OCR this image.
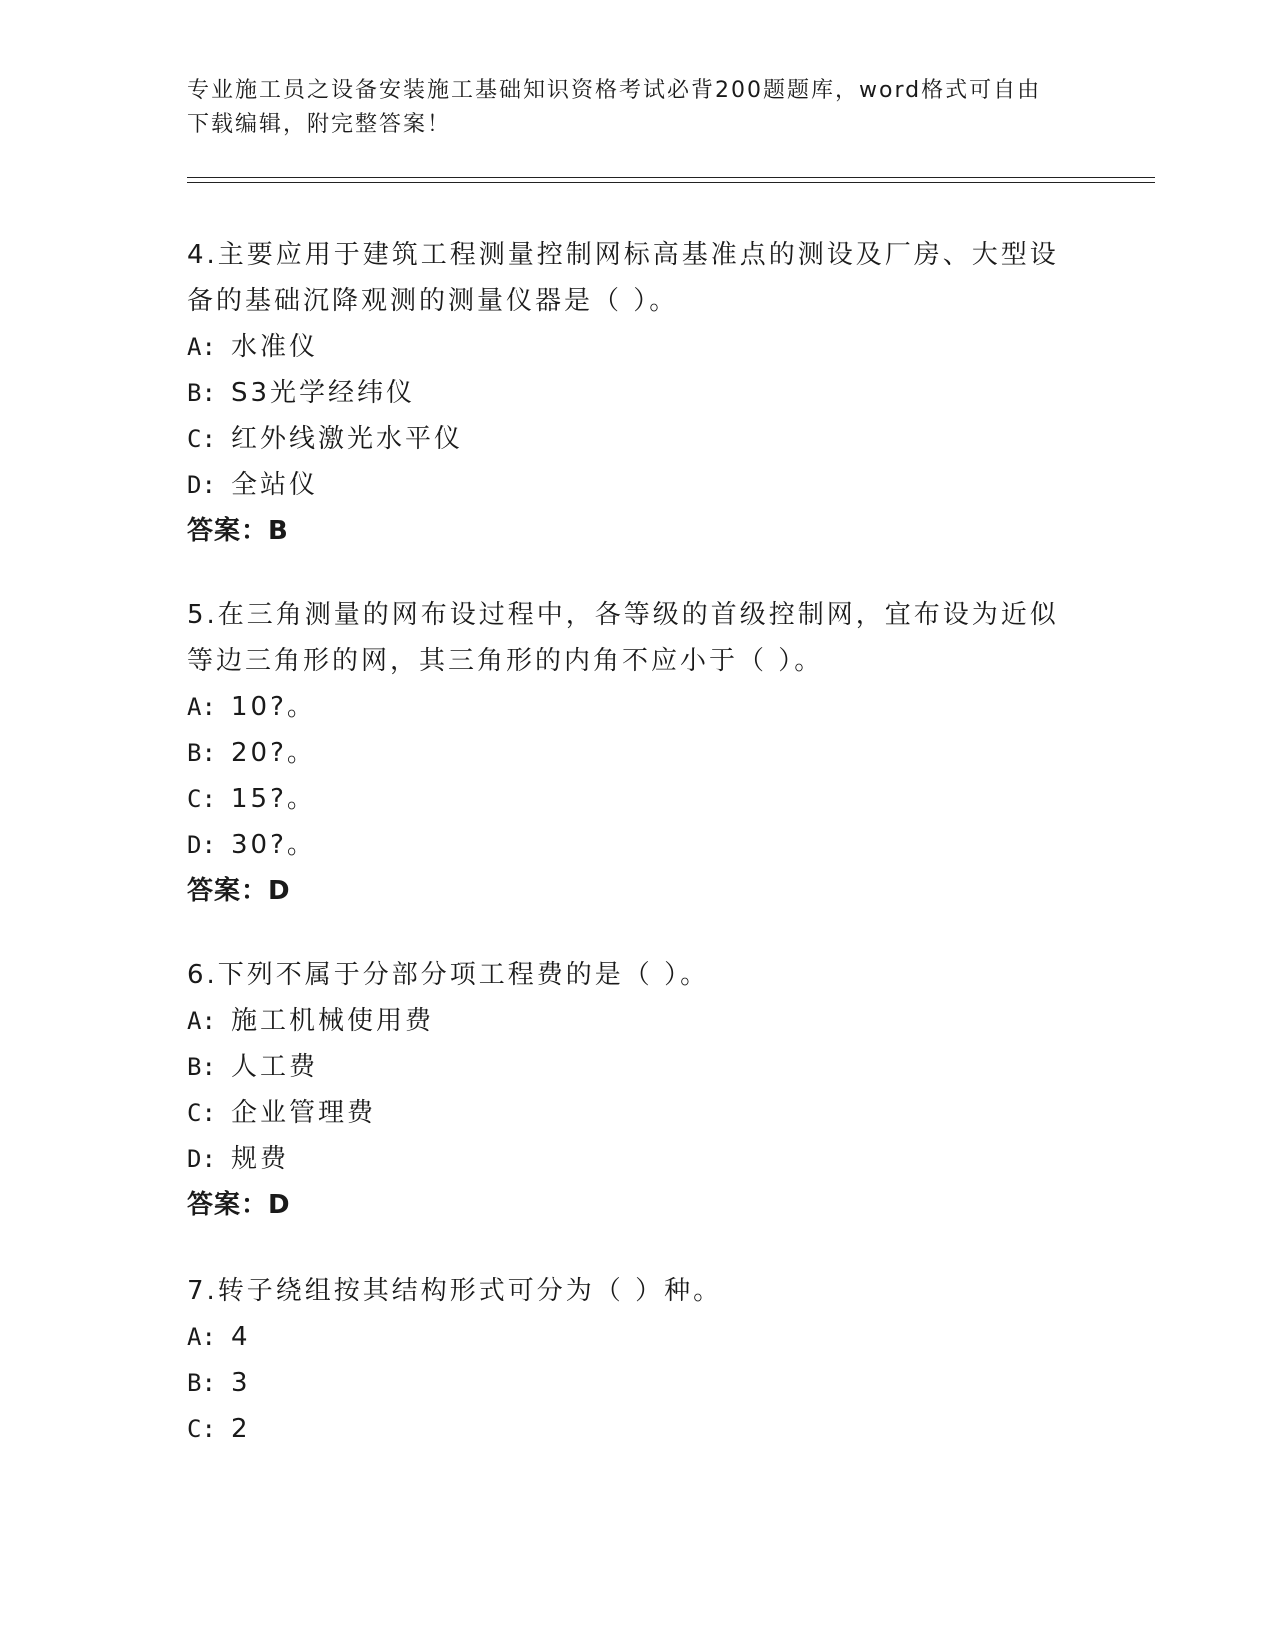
专业施工员之设备安装施工基础知识资格考试必背200题题库，word格式可自由
下载编辑，附完整答案！

4.主要应用于建筑工程测量控制网标高基准点的测设及厂房、大型设

备的基础沉降观测的测量仪器是（ ）。

A: 水准仪

B: S3光学经纬仪

C: 红外线激光水平仪

D: 全站仪

答案：B

5.在三角测量的网布设过程中，各等级的首级控制网，宜布设为近似

等边三角形的网，其三角形的内角不应小于（ ）。

A: 10?。

B: 20?。

C: 15?。

D: 30?。

答案：D

6.下列不属于分部分项工程费的是（ ）。

A: 施工机械使用费

B: 人工费

C: 企业管理费

D: 规费

答案：D

7.转子绕组按其结构形式可分为（ ）种。

A: 4

B: 3

C: 2
